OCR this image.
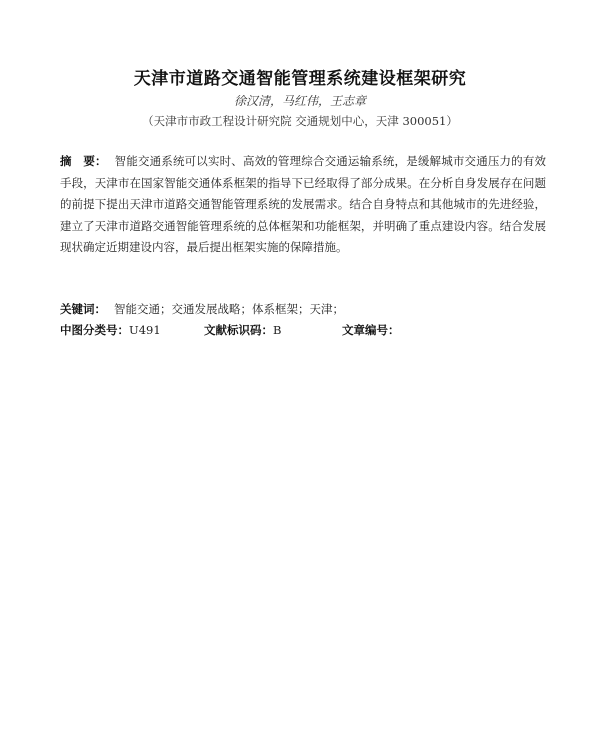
天津市道路交通智能管理系统建设框架研究
徐汉清，马红伟，王志章
（天津市市政工程设计研究院 交通规划中心，天津 300051）
摘　要： 智能交通系统可以实时、高效的管理综合交通运输系统，是缓解城市交通压力的有效手段，天津市在国家智能交通体系框架的指导下已经取得了部分成果。在分析自身发展存在问题的前提下提出天津市道路交通智能管理系统的发展需求。结合自身特点和其他城市的先进经验，建立了天津市道路交通智能管理系统的总体框架和功能框架，并明确了重点建设内容。结合发展现状确定近期建设内容，最后提出框架实施的保障措施。
关键词： 智能交通；交通发展战略；体系框架；天津；
中图分类号：U491	文献标识码：B	文章编号：
